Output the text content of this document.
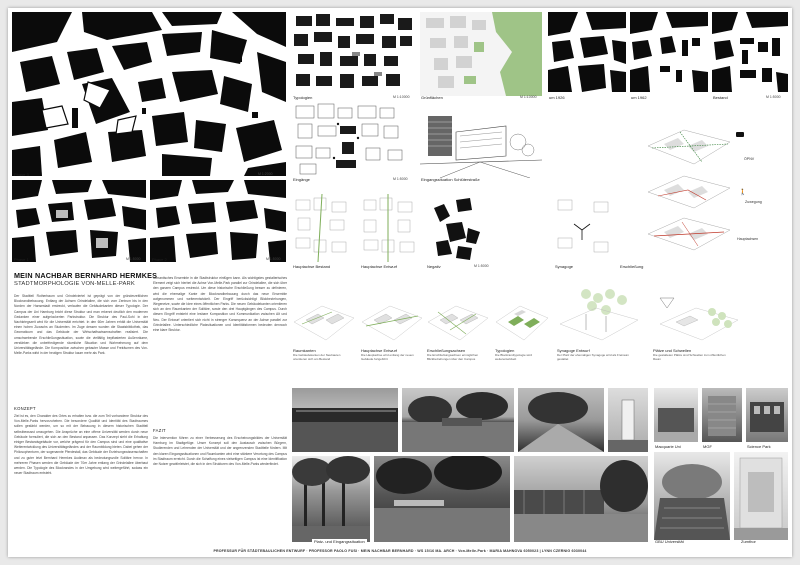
Phase 3	M 1:2000
Phase 1	M 1:5000	Phase 2	M 1:5000
Typologien	M 1:10000	Grünflächen	M 1:10000	um 1926	um 1962	Bestand	M 1:5000
Eingänge	M 1:5000	Eingangssituation Schlüterstraße
ÖPNV
🚶
Zuwegung
Hauptachsen
Hauptachse Bestand	Hauptachse Entwurf	Negativ	M 1:5000	Synagoge	Erschließung
MEIN NACHBAR BERNHARD HERMKES
STADTMORPHOLOGIE VON-MELLE-PARK
Der Stadtteil Rotherbaum und Grindelviertel ist geprägt von der gründerzeitlichen Blockrandbebauung. Entlang der Achsen Grindelallee, die sich vom Zentrum bis in den Norden der Hansestadt erstreckt, verlaufen die Gebäudekanten dieser Typologie. Der Campus der Uni Hamburg bricht diese Struktur und man erkennt deutlich den modernen Gedanken einer aufgelockerten Parkstruktur. Die Struktur des Paul-Sohl in der Nachkriegszeit wird für die Universität errichtet. In den 60er Jahren erhält die Universität einen hohen Zuwachs an Studenten. Im Zuge dessen wurden die Staatsbibliothek, das Geomaticum und das Gebäude der Wirtschaftswissenschaften realisiert. Die umschwebende Erschließungssituation, sowie die vielfältig bepflasterten Außenräume, verstärken die unbefriedigende räumliche Situation und Wahrnehmung auf dem Universitätsgelände. Die Komposition zwischen gebauter Masse und Freiräumen des Von-Melle-Parks wirkt in der heutigen Struktur kaum mehr als Park.
KONZEPT
Ziel ist es, den Charakter des Ortes zu erhalten bzw. die zum Teil vorhandene Struktur des Von-Melle-Parks hervorzuheben. Die besondere Qualität und Identität des Stadtraumes sollen gestärkt werden, um so mit der Bebauung in diesem historischen Stadtteil selbstbewusst umzugehen. Die Ansprüche an eine offene Universität werden durch neue Gebäude formuliert, die sich an den Bestand anpassen. Das Konzept sieht die Erhaltung einiger Bestandsgebäude vor, welche prägend für den Campus sind und eine qualitative Weiterentwicklung des Universitätsgeländes und der Raumbildung bieten. Dabei gehen der Philosophenturm, der sogenannte Pferdestall, das Gebäude der Erziehungswissenschaften und zu guter letzt Bernhard Hermkes Audimax als bedeutungsvolle Solitäre hervor. In mehreren Phasen werden die Gebäude der 70er Jahre entlang der Grindelallee überbaut werden. Die Typologie des Blockrandes in der Umgebung wird weitergeführt, sodass ein neuer Stadtraum entsteht.
semantisches Ensemble in die Stadtstruktur einfügen kann. Als wichtigstes gestalterisches Element zeigt sich hierbei die Achse Von-Melle-Park parallel zur Grindelallee, die sich über den ganzen Campus erstreckt. Um diese historische Erschließung besser zu definieren, wird die ehemalige Kante der Blockrandbebauung durch das neue Ensemble aufgenommen und weiterentwickelt. Der Eingriff berücksichtigt Blickbeziehungen, Wegenetze, sowie die Idee eines öffentlichen Parks. Die neuen Gebäudekanten orientieren sich an den Raumkanten der Solitäre, sowie den drei Hauptgängen des Campus. Durch diesen Eingriff entsteht eine lesbare Komposition und Kommunikation zwischen Alt und Neu. Der Entwurf orientiert sich nicht in strenger Konsequenz an der Achse parallel zur Grindelallee. Unterschiedliche Platzsituationen und Identitätsformen bedeuten dennoch eine klare Struktur.
FAZIT
Die Intervention führen zu einer Verbesserung des Erscheinungsbildes der Universität Hamburg im Stadtgefüge. Unser Konzept soll den Austausch zwischen Bürgern, Studierenden und Lehrenden der Universität und der angrenzenden Stadtteile fördern. Mit den klaren Eingangssituationen und Raumkanten wird eine stärkere Verortung des Campus im Stadtraum erreicht. Durch die Schaffung eines vielseitigen Campus ist eine Identifikation der Nutzer gewährleistet, die sich in den Strukturen des Von-Melle-Parks wiederfindet.
Raumkanten
Die Gebäudekanten der Neubauten orientieren sich am Bestand
Hauptachse Entwurf
Die Hauptachse wird entlang der neuen Gebäude fortgeführt
Erschließungsachsen
Die Erschließungsachsen ermöglichen Blickbeziehungen über den Campus
Typologien
Die Blockrandtypologie wird weiterentwickelt
Synagoge Entwurf
Der Platz der ehemaligen Synagoge wird als Freiraum gestaltet
Plätze und Schwellen
Die gestalteten Plätze sind Schwellen zum öffentlichen Raum
Platz- und Eingangssituation
Macquarie Uni	MGF	Science Park
GBU Universität	Zumthor
PROFESSUR FÜR STÄDTEBAULICHEN ENTWURF · PROFESSOR PAOLO FUSI · MEIN NACHBAR BERNHARD · WS 15/16 MA. ARCH · Von-Melle-Park · MARIA MAHNOVA 6050023 | LYNN CZERNIG 6030044
